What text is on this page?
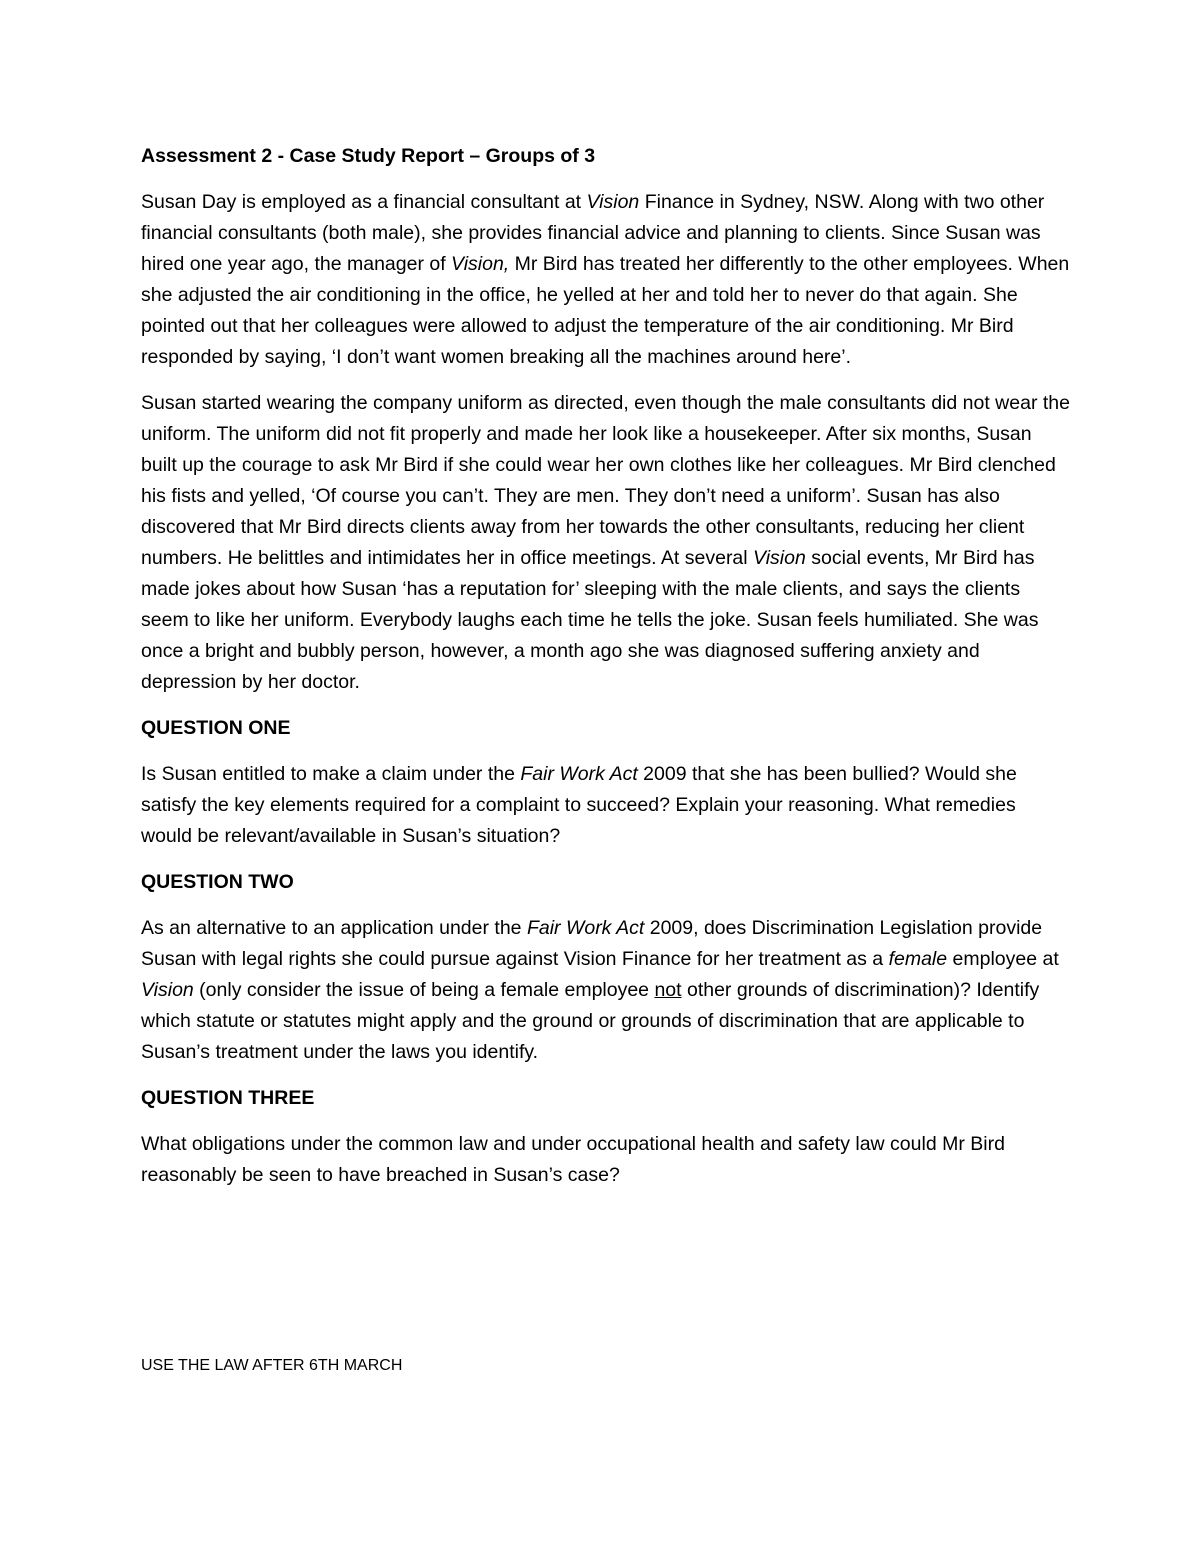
Assessment 2 - Case Study Report – Groups of 3

Susan Day is employed as a financial consultant at Vision Finance in Sydney, NSW. Along with two other financial consultants (both male), she provides financial advice and planning to clients. Since Susan was hired one year ago, the manager of Vision, Mr Bird has treated her differently to the other employees. When she adjusted the air conditioning in the office, he yelled at her and told her to never do that again. She pointed out that her colleagues were allowed to adjust the temperature of the air conditioning. Mr Bird responded by saying, ‘I don’t want women breaking all the machines around here’.

Susan started wearing the company uniform as directed, even though the male consultants did not wear the uniform. The uniform did not fit properly and made her look like a housekeeper. After six months, Susan built up the courage to ask Mr Bird if she could wear her own clothes like her colleagues. Mr Bird clenched his fists and yelled, ‘Of course you can’t. They are men. They don’t need a uniform’. Susan has also discovered that Mr Bird directs clients away from her towards the other consultants, reducing her client numbers. He belittles and intimidates her in office meetings. At several Vision social events, Mr Bird has made jokes about how Susan ‘has a reputation for’ sleeping with the male clients, and says the clients seem to like her uniform. Everybody laughs each time he tells the joke. Susan feels humiliated. She was once a bright and bubbly person, however, a month ago she was diagnosed suffering anxiety and depression by her doctor.

QUESTION ONE

Is Susan entitled to make a claim under the Fair Work Act 2009 that she has been bullied? Would she satisfy the key elements required for a complaint to succeed? Explain your reasoning. What remedies would be relevant/available in Susan’s situation?

QUESTION TWO

As an alternative to an application under the Fair Work Act 2009, does Discrimination Legislation provide Susan with legal rights she could pursue against Vision Finance for her treatment as a female employee at Vision (only consider the issue of being a female employee not other grounds of discrimination)? Identify which statute or statutes might apply and the ground or grounds of discrimination that are applicable to Susan’s treatment under the laws you identify.

QUESTION THREE

What obligations under the common law and under occupational health and safety law could Mr Bird reasonably be seen to have breached in Susan’s case?

USE THE LAW AFTER 6TH MARCH
